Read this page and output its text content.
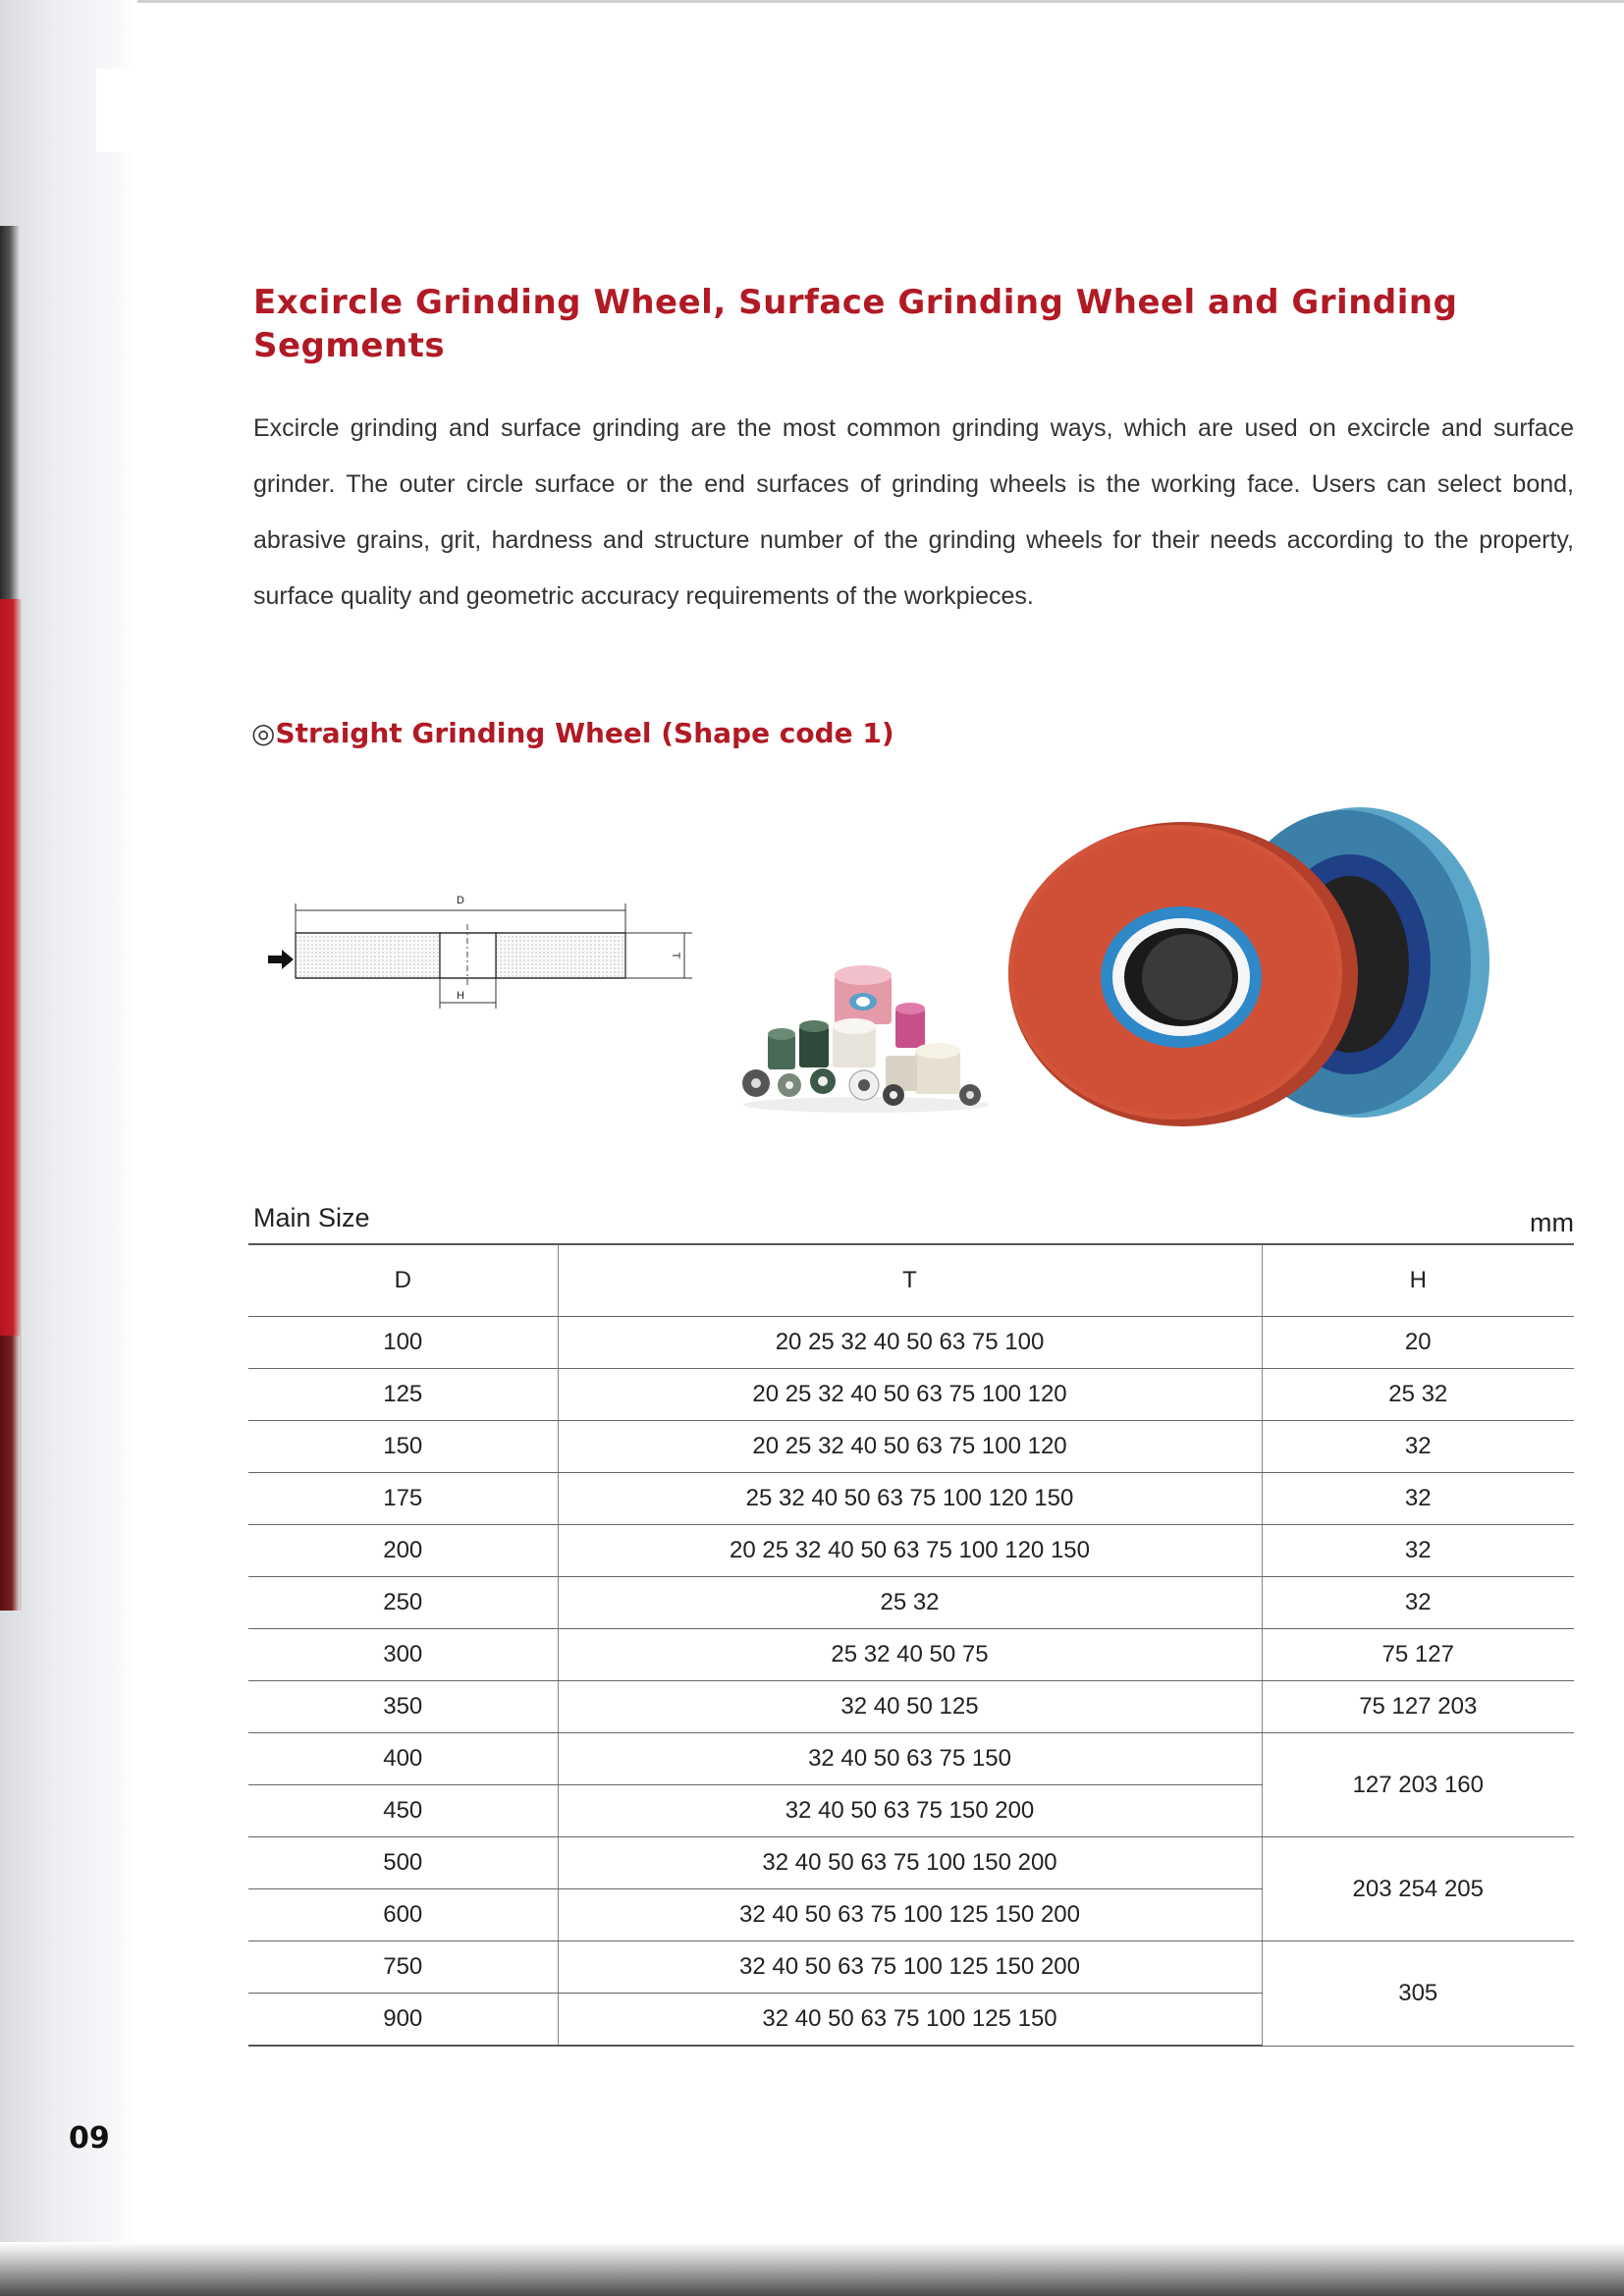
Excircle Grinding Wheel, Surface Grinding Wheel and Grinding Segments

Excircle grinding and surface grinding are the most common grinding ways, which are used on excircle and surface grinder. The outer circle surface or the end surfaces of grinding wheels is the working face. Users can select bond, abrasive grains, grit, hardness and structure number of the grinding wheels for their needs according to the property, surface quality and geometric accuracy requirements of the workpieces.

◎Straight Grinding Wheel (Shape code 1)
D
T
H
Main Size	mm
D	T	H
100	20 25 32 40 50 63 75 100	20
125	20 25 32 40 50 63 75 100 120	25 32
150	20 25 32 40 50 63 75 100 120	32
175	25 32 40 50 63 75 100 120 150	32
200	20 25 32 40 50 63 75 100 120 150	32
250	25 32	32
300	25 32 40 50 75	75 127
350	32 40 50 125	75 127 203
400	32 40 50 63 75 150	127 203 160
450	32 40 50 63 75 150 200	
500	32 40 50 63 75 100 150 200	203 254 205
600	32 40 50 63 75 100 125 150 200	
750	32 40 50 63 75 100 125 150 200	305
900	32 40 50 63 75 100 125 150	
09
